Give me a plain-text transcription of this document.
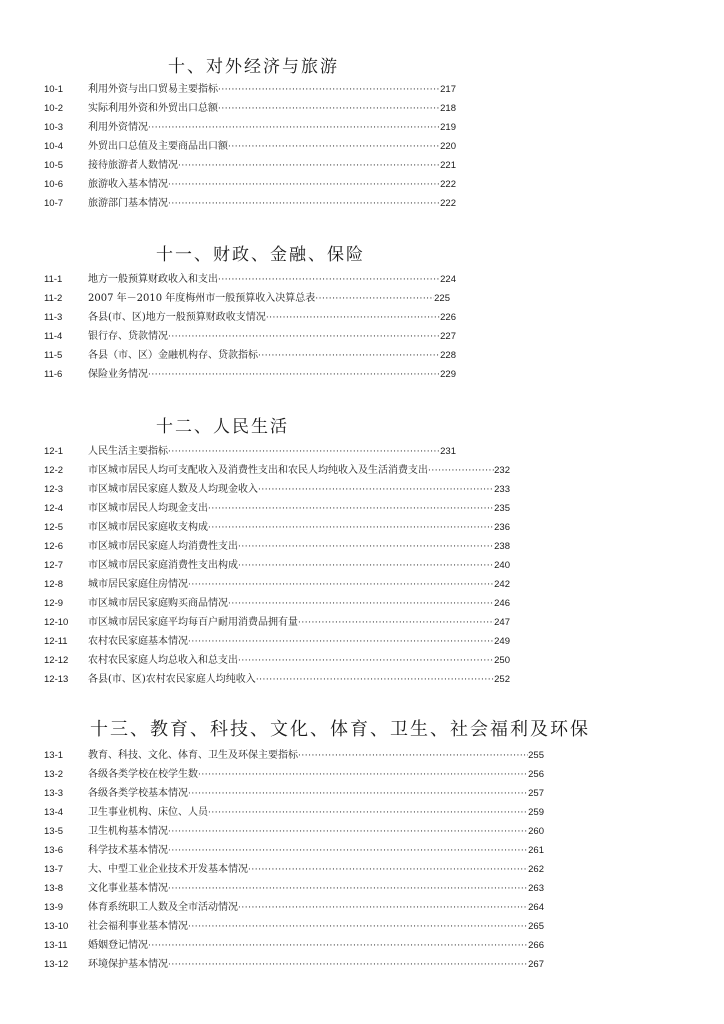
十、对外经济与旅游
10-1 利用外资与出口贸易主要指标 ·····	217
10-2 实际利用外资和外贸出口总额 ·····	218
10-3 利用外资情况 ·····	219
10-4 外贸出口总值及主要商品出口额 ·····	220
10-5 接待旅游者人数情况 ·····	221
10-6 旅游收入基本情况 ·····	222
10-7 旅游部门基本情况 ·····	222
十一、财政、金融、保险
11-1	地方一般预算财政收入和支出 ·····	224
11-2	2007 年－2010 年度梅州市一般预算收入决算总表 ·····	225
11-3	各县(市、区)地方一般预算财政收支情况 ·····	226
11-4	银行存、贷款情况 ·····	227
11-5	各县（市、区）金融机构存、贷款指标 ·····	228
11-6	保险业务情况 ·····	229
十二、人民生活
12-1 人民生活主要指标 ·····	231
12-2 市区城市居民人均可支配收入及消费性支出和农民人均纯收入及生活消费支出 ·····	232
12-3 市区城市居民家庭人数及人均现金收入 ·····	233
12-4 市区城市居民人均现金支出 ·····	235
12-5 市区城市居民家庭收支构成 ·····	236
12-6 市区城市居民家庭人均消费性支出 ·····	238
12-7 市区城市居民家庭消费性支出构成 ·····	240
12-8 城市居民家庭住房情况 ·····	242
12-9 市区城市居民家庭购买商品情况 ·····	246
12-10 市区城市居民家庭平均每百户耐用消费品拥有量 ·····	247
12-11 农村农民家庭基本情况 ·····	249
12-12 农村农民家庭人均总收入和总支出 ·····	250
12-13 各县(市、区)农村农民家庭人均纯收入 ·····	252
十三、教育、科技、文化、体育、卫生、社会福利及环保
13-1 教育、科技、文化、体育、卫生及环保主要指标 ·····	255
13-2 各级各类学校在校学生数 ·····	256
13-3 各级各类学校基本情况 ·····	257
13-4 卫生事业机构、床位、人员 ·····	259
13-5 卫生机构基本情况 ·····	260
13-6 科学技术基本情况 ·····	261
13-7 大、中型工业企业技术开发基本情况 ·····	262
13-8 文化事业基本情况 ·····	263
13-9 体育系统职工人数及全市活动情况 ·····	264
13-10 社会福利事业基本情况 ·····	265
13-11 婚姻登记情况 ·····	266
13-12 环境保护基本情况 ·····	267
